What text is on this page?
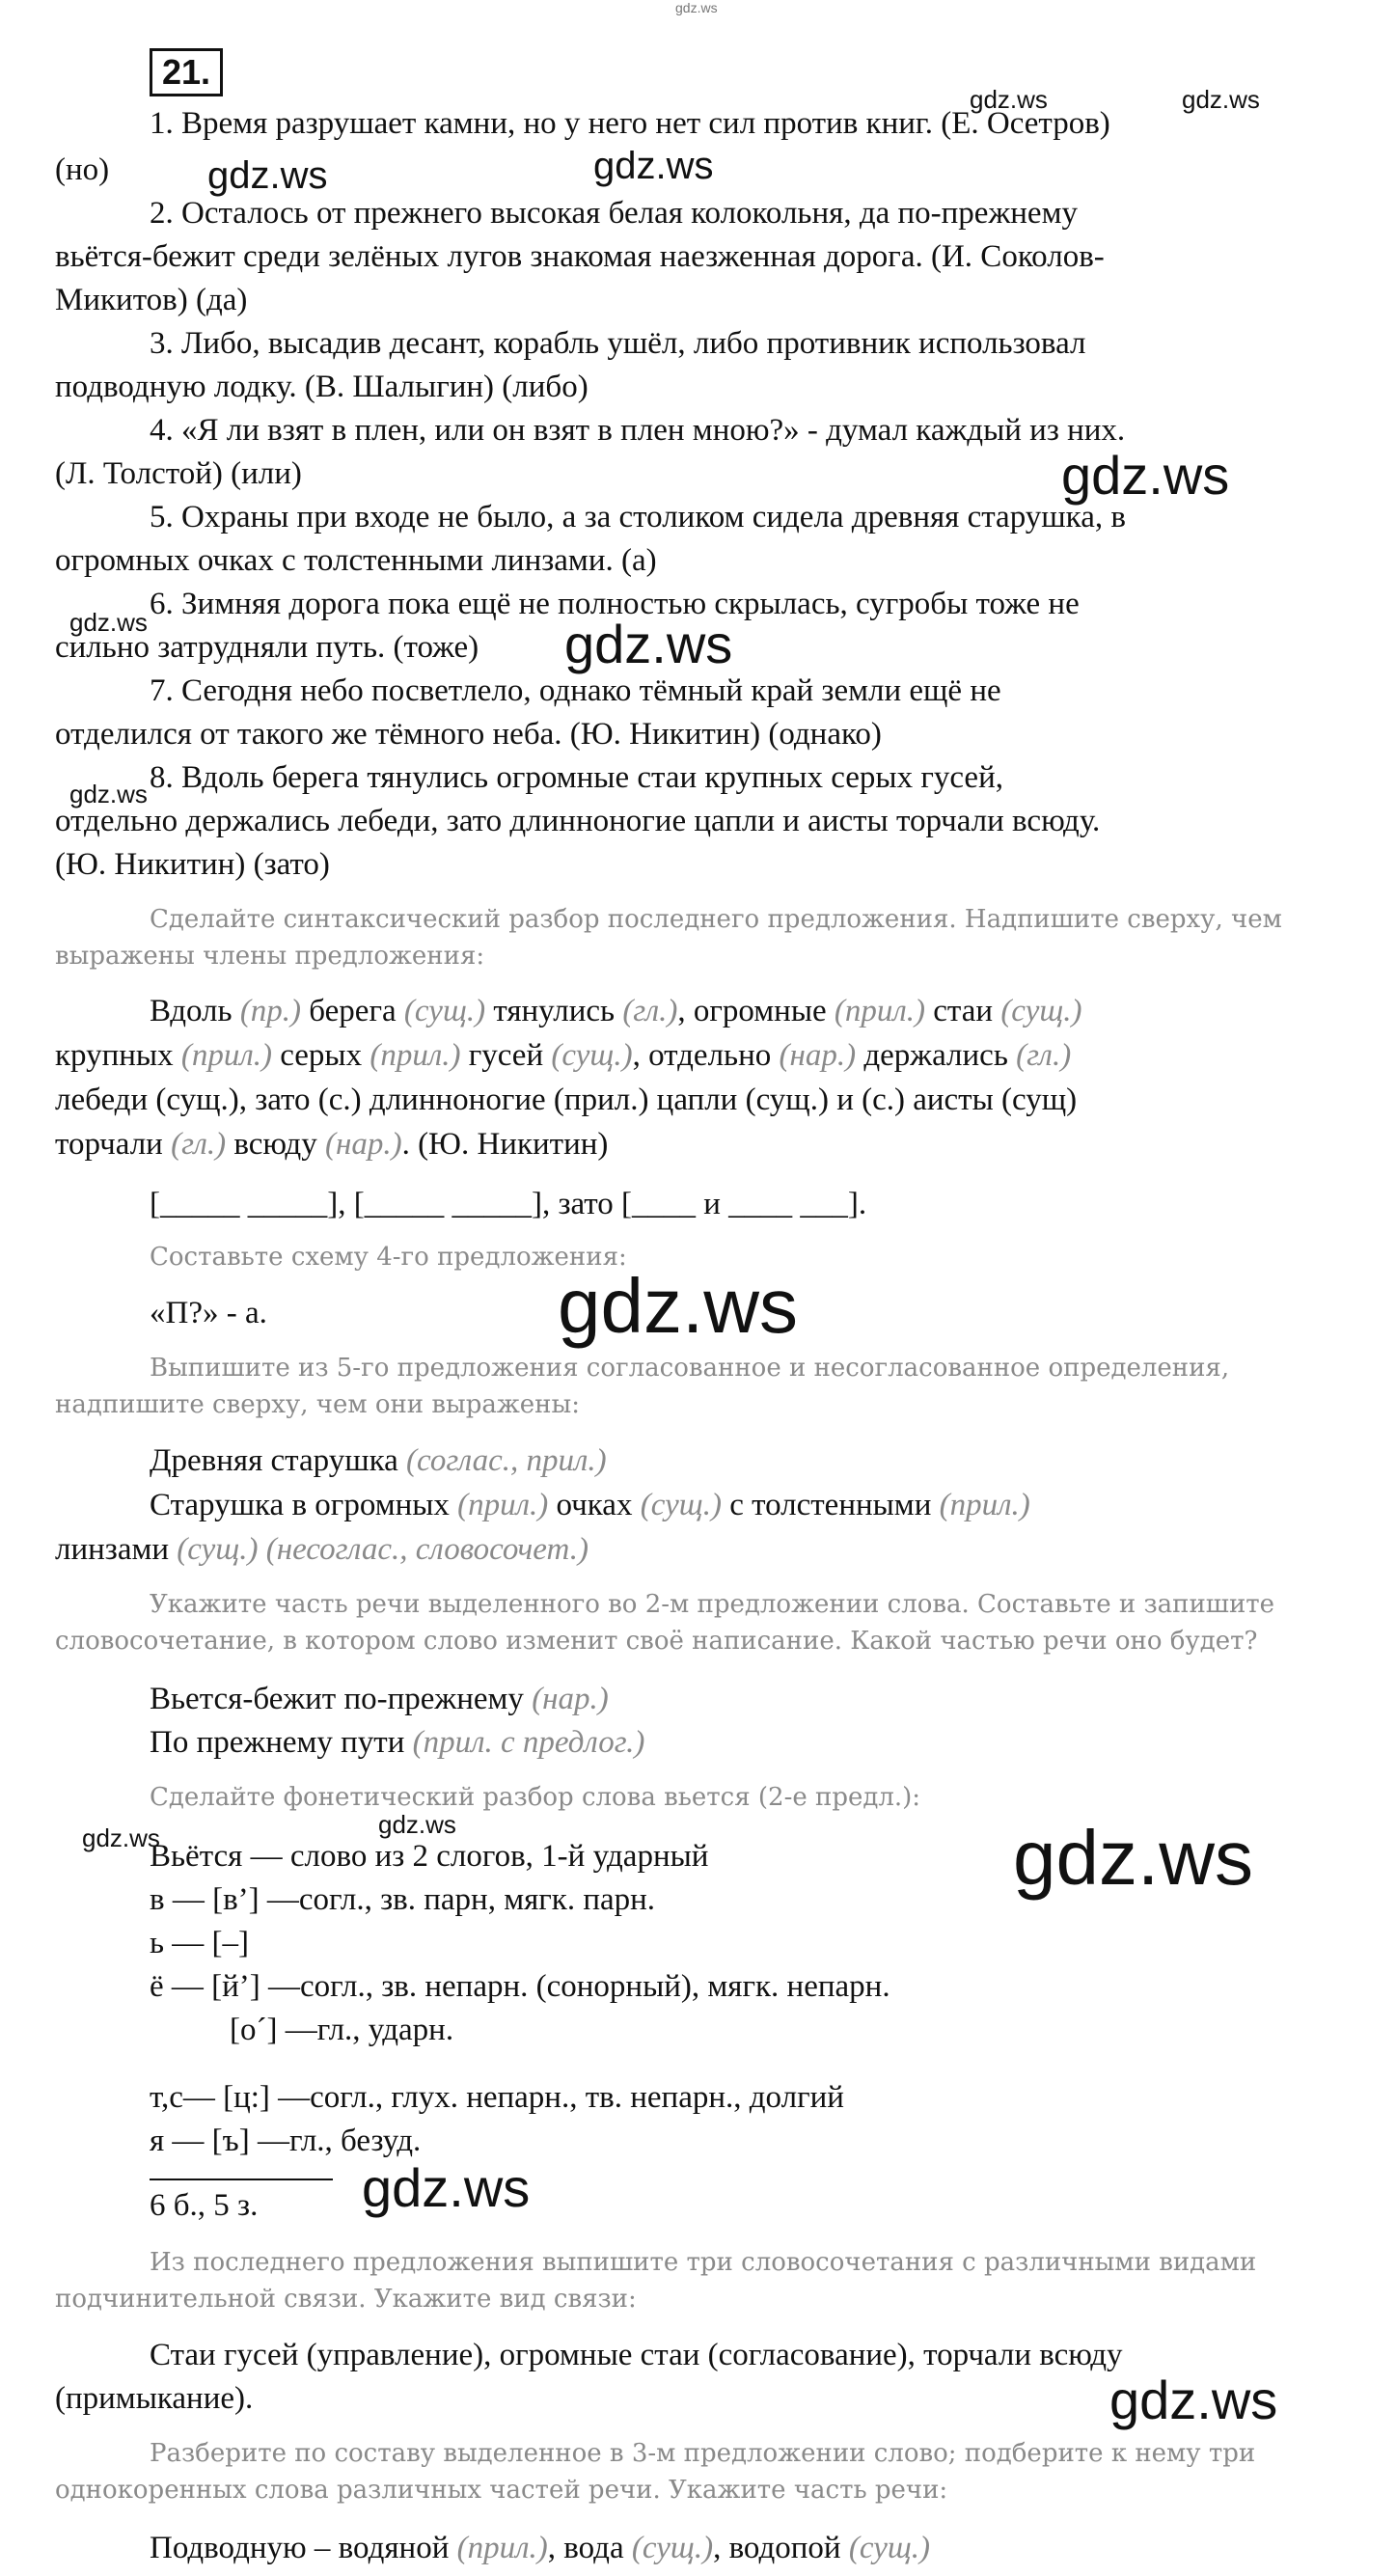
gdz.ws
21.
1. Время разрушает камни, но у него нет сил против книг. (Е. Осетров)
(но)
2. Осталось от прежнего высокая белая колокольня, да по-прежнему
вьётся-бежит среди зелёных лугов знакомая наезженная дорога. (И. Соколов-
Микитов) (да)
3. Либо, высадив десант, корабль ушёл, либо противник использовал
подводную лодку. (В. Шалыгин) (либо)
4. «Я ли взят в плен, или он взят в плен мною?» - думал каждый из них.
(Л. Толстой) (или)
5. Охраны при входе не было, а за столиком сидела древняя старушка, в
огромных очках с толстенными линзами. (а)
6. Зимняя дорога пока ещё не полностью скрылась, сугробы тоже не
сильно затрудняли путь. (тоже)
7. Сегодня небо посветлело, однако тёмный край земли ещё не
отделился от такого же тёмного неба. (Ю. Никитин) (однако)
8. Вдоль берега тянулись огромные стаи крупных серых гусей,
отдельно держались лебеди, зато длинноногие цапли и аисты торчали всюду.
(Ю. Никитин) (зато)
Сделайте синтаксический разбор последнего предложения. Надпишите сверху, чем
выражены члены предложения:
Вдоль (пр.) берега (сущ.) тянулись (гл.), огромные (прил.) стаи (сущ.)
крупных (прил.) серых (прил.) гусей (сущ.), отдельно (нар.) держались (гл.)
лебеди (сущ.), зато (с.) длинноногие (прил.) цапли (сущ.) и (с.) аисты (сущ)
торчали (гл.) всюду (нар.). (Ю. Никитин)
[_____ _____], [_____ _____], зато [____ и ____ ___].
Составьте схему 4-го предложения:
«П?» - а.
Выпишите из 5-го предложения согласованное и несогласованное определения,
надпишите сверху, чем они выражены:
Древняя старушка (соглас., прил.)
Старушка в огромных (прил.) очках (сущ.) с толстенными (прил.)
линзами (сущ.) (несоглас., словосочет.)
Укажите часть речи выделенного во 2-м предложении слова. Составьте и запишите
словосочетание, в котором слово изменит своё написание. Какой частью речи оно будет?
Вьется-бежит по-прежнему (нар.)
По прежнему пути (прил. с предлог.)
Сделайте фонетический разбор слова вьется (2-е предл.):
Вьётся — слово из 2 слогов, 1-й ударный
в — [в’] —согл., зв. парн, мягк. парн.
ь — [–]
ё — [й’] —согл., зв. непарн. (сонорный), мягк. непарн.
[о´] —гл., ударн.
т,с— [ц:] —согл., глух. непарн., тв. непарн., долгий
я — [ъ] —гл., безуд.
6 б., 5 з.
Из последнего предложения выпишите три словосочетания с различными видами
подчинительной связи. Укажите вид связи:
Стаи гусей (управление), огромные стаи (согласование), торчали всюду
(примыкание).
Разберите по составу выделенное в 3-м предложении слово; подберите к нему три
однокоренных слова различных частей речи. Укажите часть речи:
Подводную – водяной (прил.), вода (сущ.), водопой (сущ.)
gdz.ws	gdz.ws
gdz.ws	gdz.ws
gdz.ws
gdz.ws	gdz.ws
gdz.ws
gdz.ws
gdz.ws	gdz.ws	gdz.ws
gdz.ws
gdz.ws
